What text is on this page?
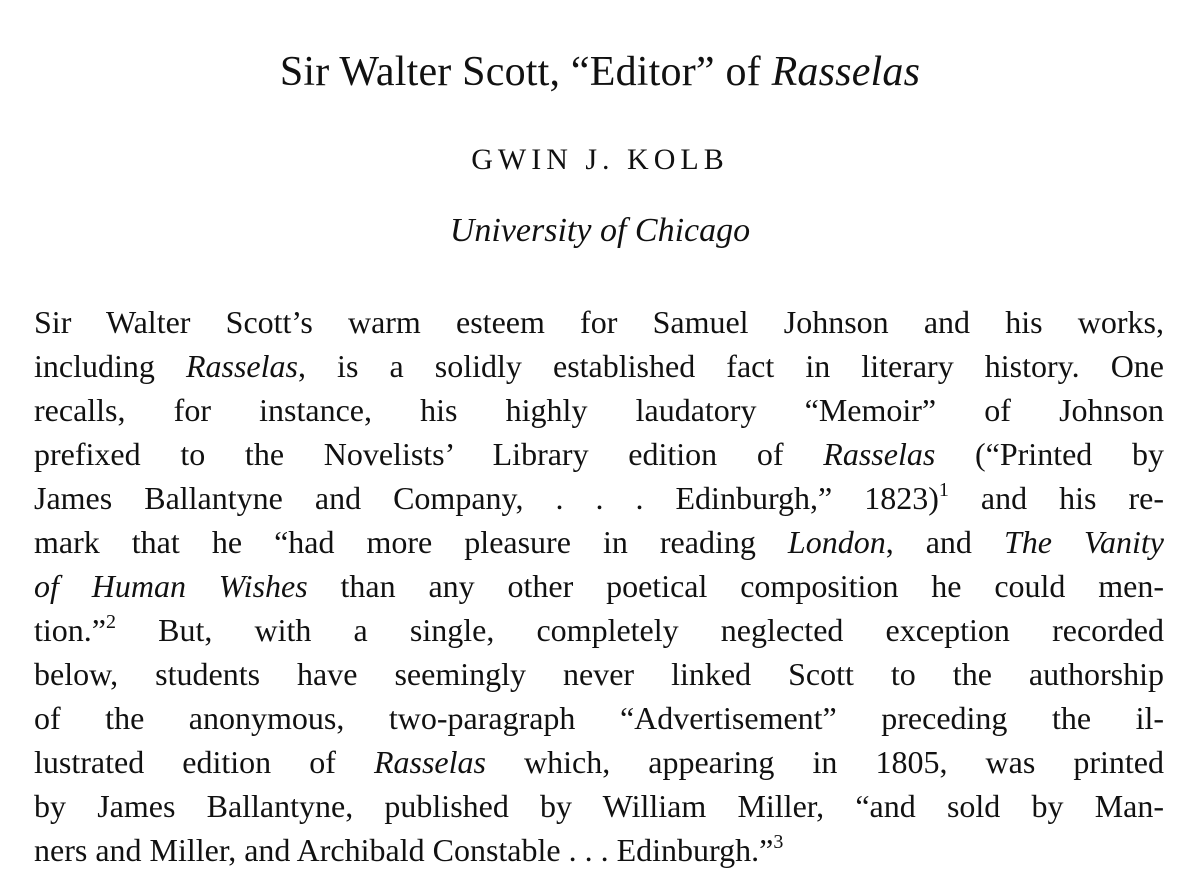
Sir Walter Scott, “Editor” of Rasselas
GWIN J. KOLB
University of Chicago
Sir Walter Scott’s warm esteem for Samuel Johnson and his works,
including Rasselas, is a solidly established fact in literary history. One
recalls, for instance, his highly laudatory “Memoir” of Johnson
prefixed to the Novelists’ Library edition of Rasselas (“Printed by
James Ballantyne and Company, . . . Edinburgh,” 1823)$^1$ and his re-
mark that he “had more pleasure in reading London, and The Vanity
of Human Wishes than any other poetical composition he could men-
tion.”$^2$ But, with a single, completely neglected exception recorded
below, students have seemingly never linked Scott to the authorship
of the anonymous, two-paragraph “Advertisement” preceding the il-
lustrated edition of Rasselas which, appearing in 1805, was printed
by James Ballantyne, published by William Miller, “and sold by Man-
ners and Miller, and Archibald Constable . . . Edinburgh.”$^3$
